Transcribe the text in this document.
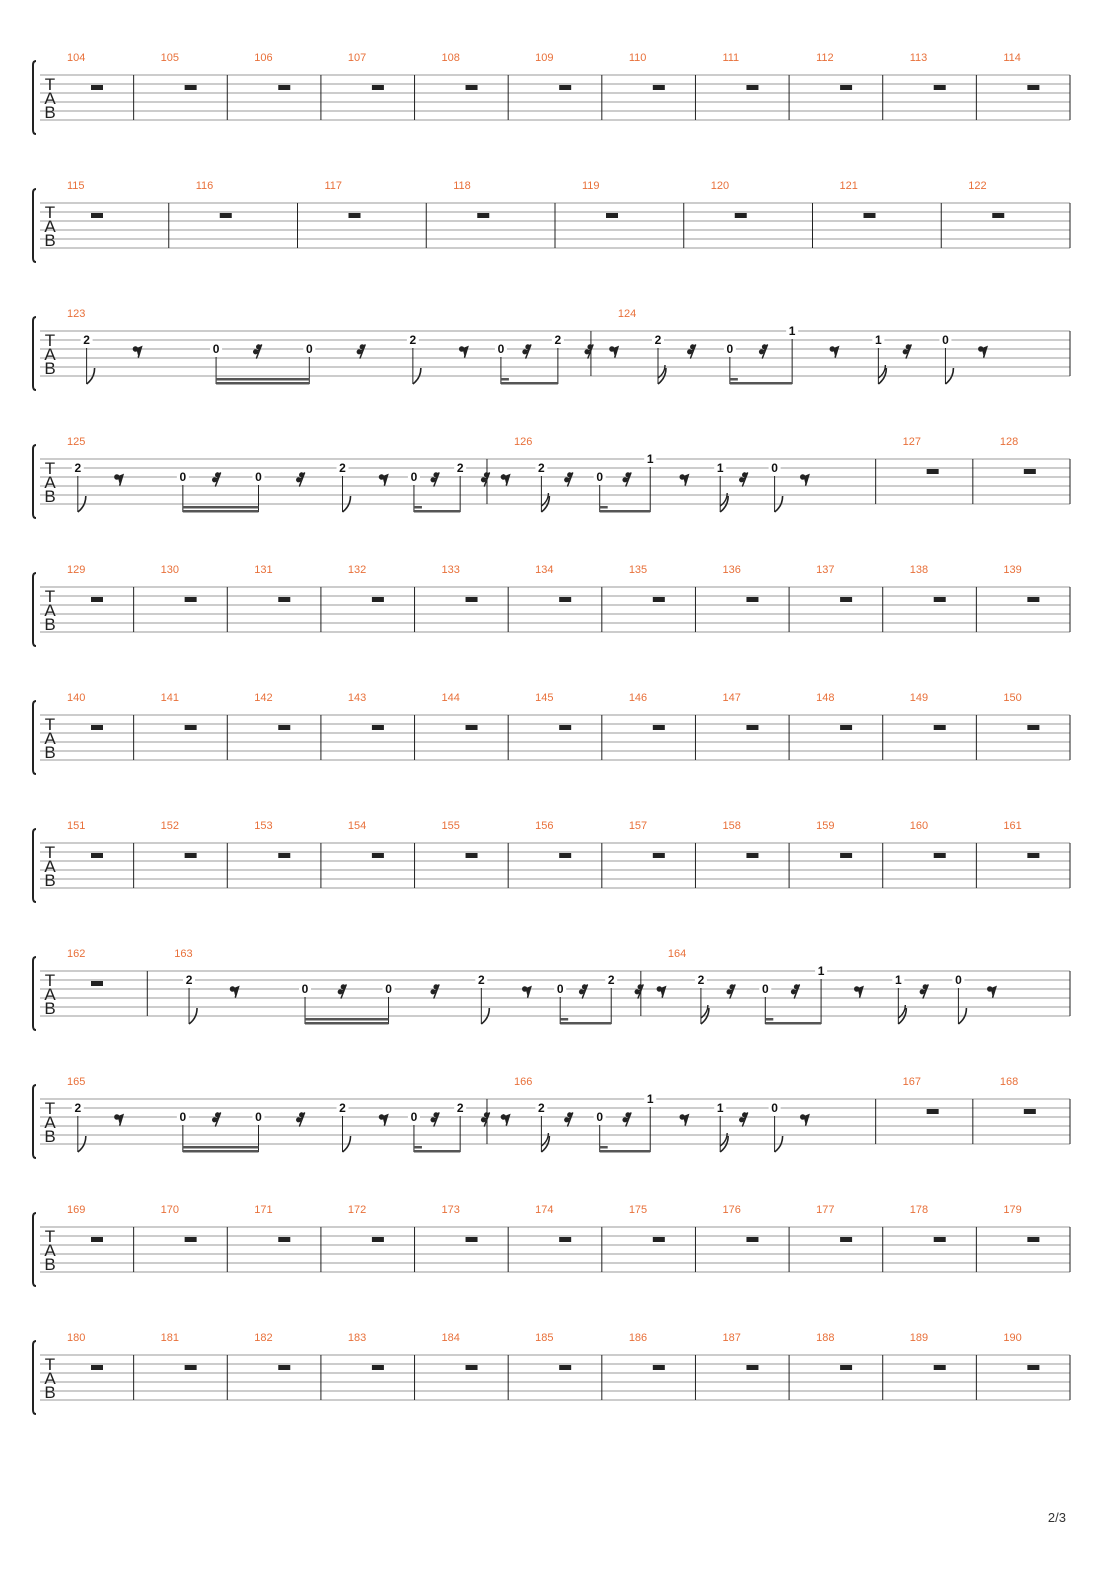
T
A
B
104	105	106	107	108	109	110	111	112	113	114
T
A
B
115	116	117	118	119	120	121	122
T
A
B
123
2
0	0
2
0
2
124
2
0
1
1	0
T
A
B
125
2
0	0
2
0
2
126
2
0
1
1	0
127	128
T
A
B
129	130	131	132	133	134	135	136	137	138	139
T
A
B
140	141	142	143	144	145	146	147	148	149	150
T
A
B
151	152	153	154	155	156	157	158	159	160	161
T
A
B
162	163
2
0	0
2
0
2
164
2
0
1
1	0
T
A
B
165
2
0	0
2
0
2
166
2
0
1
1	0
167	168
T
A
B
169	170	171	172	173	174	175	176	177	178	179
T
A
B
180	181	182	183	184	185	186	187	188	189	190
2/3
